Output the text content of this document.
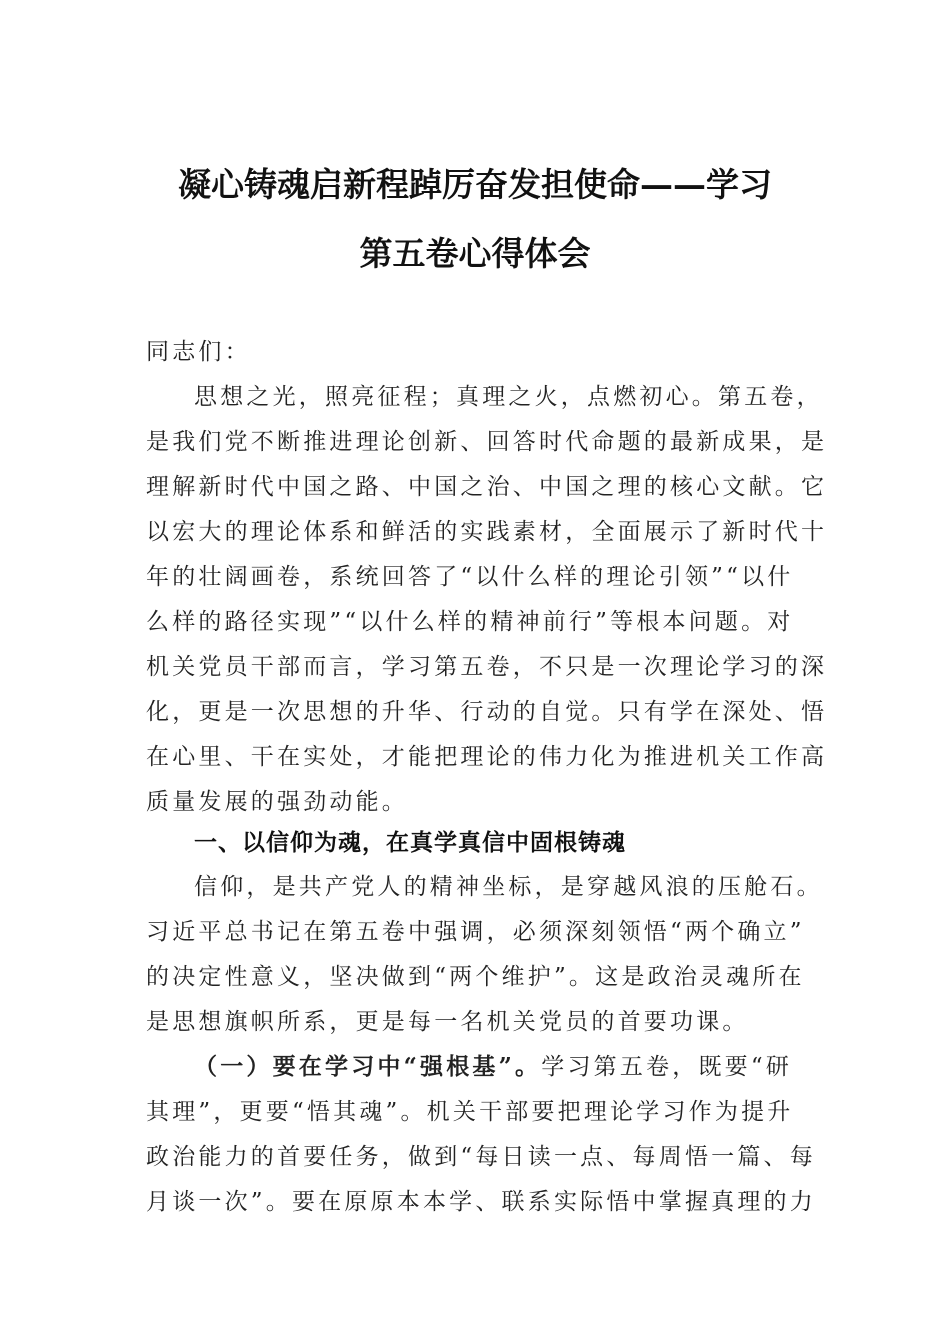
凝心铸魂启新程踔厉奋发担使命——学习
第五卷心得体会
同志们：
思想之光，照亮征程；真理之火，点燃初心。第五卷，
是我们党不断推进理论创新、回答时代命题的最新成果，是
理解新时代中国之路、中国之治、中国之理的核心文献。它
以宏大的理论体系和鲜活的实践素材，全面展示了新时代十
年的壮阔画卷，系统回答了“以什么样的理论引领”“以什
么样的路径实现”“以什么样的精神前行”等根本问题。对
机关党员干部而言，学习第五卷，不只是一次理论学习的深
化，更是一次思想的升华、行动的自觉。只有学在深处、悟
在心里、干在实处，才能把理论的伟力化为推进机关工作高
质量发展的强劲动能。
一、以信仰为魂，在真学真信中固根铸魂
信仰，是共产党人的精神坐标，是穿越风浪的压舱石。
习近平总书记在第五卷中强调，必须深刻领悟“两个确立”
的决定性意义，坚决做到“两个维护”。这是政治灵魂所在
是思想旗帜所系，更是每一名机关党员的首要功课。
（一）要在学习中“强根基”。学习第五卷，既要“研
其理”，更要“悟其魂”。机关干部要把理论学习作为提升
政治能力的首要任务，做到“每日读一点、每周悟一篇、每
月谈一次”。要在原原本本学、联系实际悟中掌握真理的力
